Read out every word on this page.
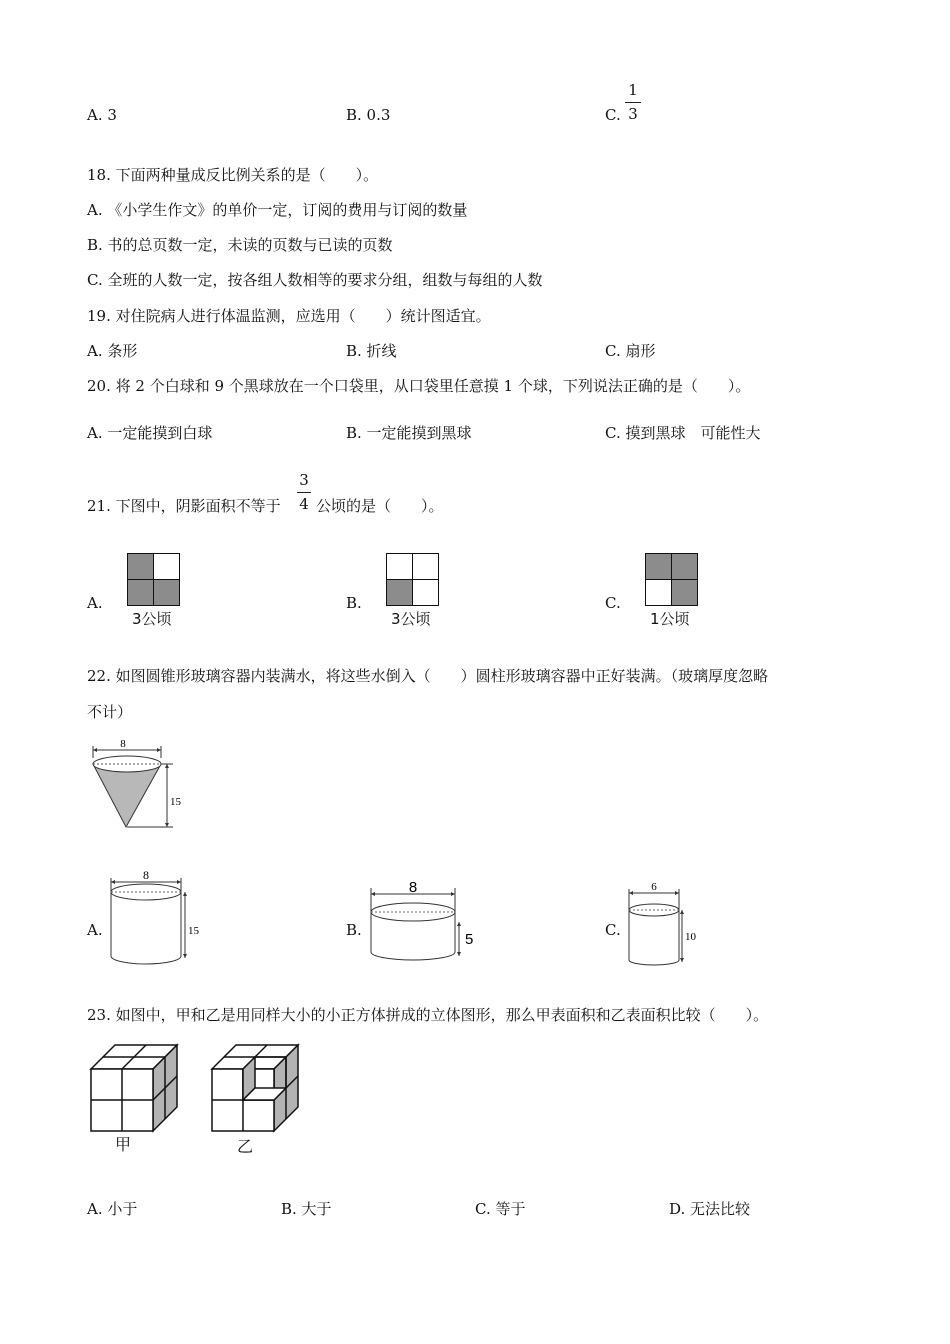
A. 3	B. 0.3	C.
1
3
18. 下面两种量成反比例关系的是（　　）。
A. 《小学生作文》的单价一定，订阅的费用与订阅的数量
B. 书的总页数一定，未读的页数与已读的页数
C. 全班的人数一定，按各组人数相等的要求分组，组数与每组的人数
19. 对住院病人进行体温监测，应选用（　　）统计图适宜。
A. 条形	B. 折线	C. 扇形
20. 将 2 个白球和 9 个黑球放在一个口袋里，从口袋里任意摸 1 个球，下列说法正确的是（　　）。
A. 一定能摸到白球	B. 一定能摸到黑球	C. 摸到黑球　可能性大
21. 下图中，阴影面积不等于
3
4 公顷的是（　　）。
A.
3公顷
B.
3公顷
C.
1公顷
22. 如图圆锥形玻璃容器内装满水，将这些水倒入（　　）圆柱形玻璃容器中正好装满。（玻璃厚度忽略
不计）
8
15
A.
8
15	B.
8
5
C.
6
10
23. 如图中，甲和乙是用同样大小的小正方体拼成的立体图形，那么甲表面积和乙表面积比较（　　）。
甲	乙
A. 小于	B. 大于	C. 等于	D. 无法比较
